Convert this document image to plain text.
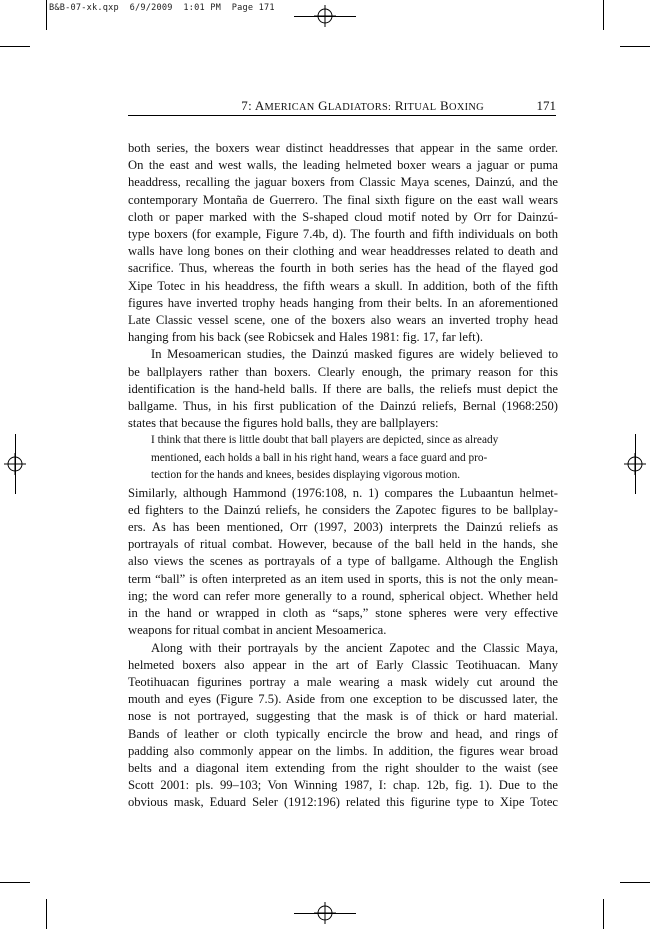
B&B-07-xk.qxp  6/9/2009  1:01 PM  Page 171
7: AMERICAN GLADIATORS: RITUAL BOXING	171

both series, the boxers wear distinct headdresses that appear in the same order.
On the east and west walls, the leading helmeted boxer wears a jaguar or puma
headdress, recalling the jaguar boxers from Classic Maya scenes, Dainzú, and the
contemporary Montaña de Guerrero. The final sixth figure on the east wall wears
cloth or paper marked with the S-shaped cloud motif noted by Orr for Dainzú-
type boxers (for example, Figure 7.4b, d). The fourth and fifth individuals on both
walls have long bones on their clothing and wear headdresses related to death and
sacrifice. Thus, whereas the fourth in both series has the head of the flayed god
Xipe Totec in his headdress, the fifth wears a skull. In addition, both of the fifth
figures have inverted trophy heads hanging from their belts. In an aforementioned
Late Classic vessel scene, one of the boxers also wears an inverted trophy head
hanging from his back (see Robicsek and Hales 1981: fig. 17, far left).

In Mesoamerican studies, the Dainzú masked figures are widely believed to
be ballplayers rather than boxers. Clearly enough, the primary reason for this
identification is the hand-held balls. If there are balls, the reliefs must depict the
ballgame. Thus, in his first publication of the Dainzú reliefs, Bernal (1968:250)
states that because the figures hold balls, they are ballplayers:

I think that there is little doubt that ball players are depicted, since as already
mentioned, each holds a ball in his right hand, wears a face guard and pro-
tection for the hands and knees, besides displaying vigorous motion.

Similarly, although Hammond (1976:108, n. 1) compares the Lubaantun helmet-
ed fighters to the Dainzú reliefs, he considers the Zapotec figures to be ballplay-
ers. As has been mentioned, Orr (1997, 2003) interprets the Dainzú reliefs as
portrayals of ritual combat. However, because of the ball held in the hands, she
also views the scenes as portrayals of a type of ballgame. Although the English
term “ball” is often interpreted as an item used in sports, this is not the only mean-
ing; the word can refer more generally to a round, spherical object. Whether held
in the hand or wrapped in cloth as “saps,” stone spheres were very effective
weapons for ritual combat in ancient Mesoamerica.

Along with their portrayals by the ancient Zapotec and the Classic Maya,
helmeted boxers also appear in the art of Early Classic Teotihuacan. Many
Teotihuacan figurines portray a male wearing a mask widely cut around the
mouth and eyes (Figure 7.5). Aside from one exception to be discussed later, the
nose is not portrayed, suggesting that the mask is of thick or hard material.
Bands of leather or cloth typically encircle the brow and head, and rings of
padding also commonly appear on the limbs. In addition, the figures wear broad
belts and a diagonal item extending from the right shoulder to the waist (see
Scott 2001: pls. 99–103; Von Winning 1987, I: chap. 12b, fig. 1). Due to the
obvious mask, Eduard Seler (1912:196) related this figurine type to Xipe Totec
